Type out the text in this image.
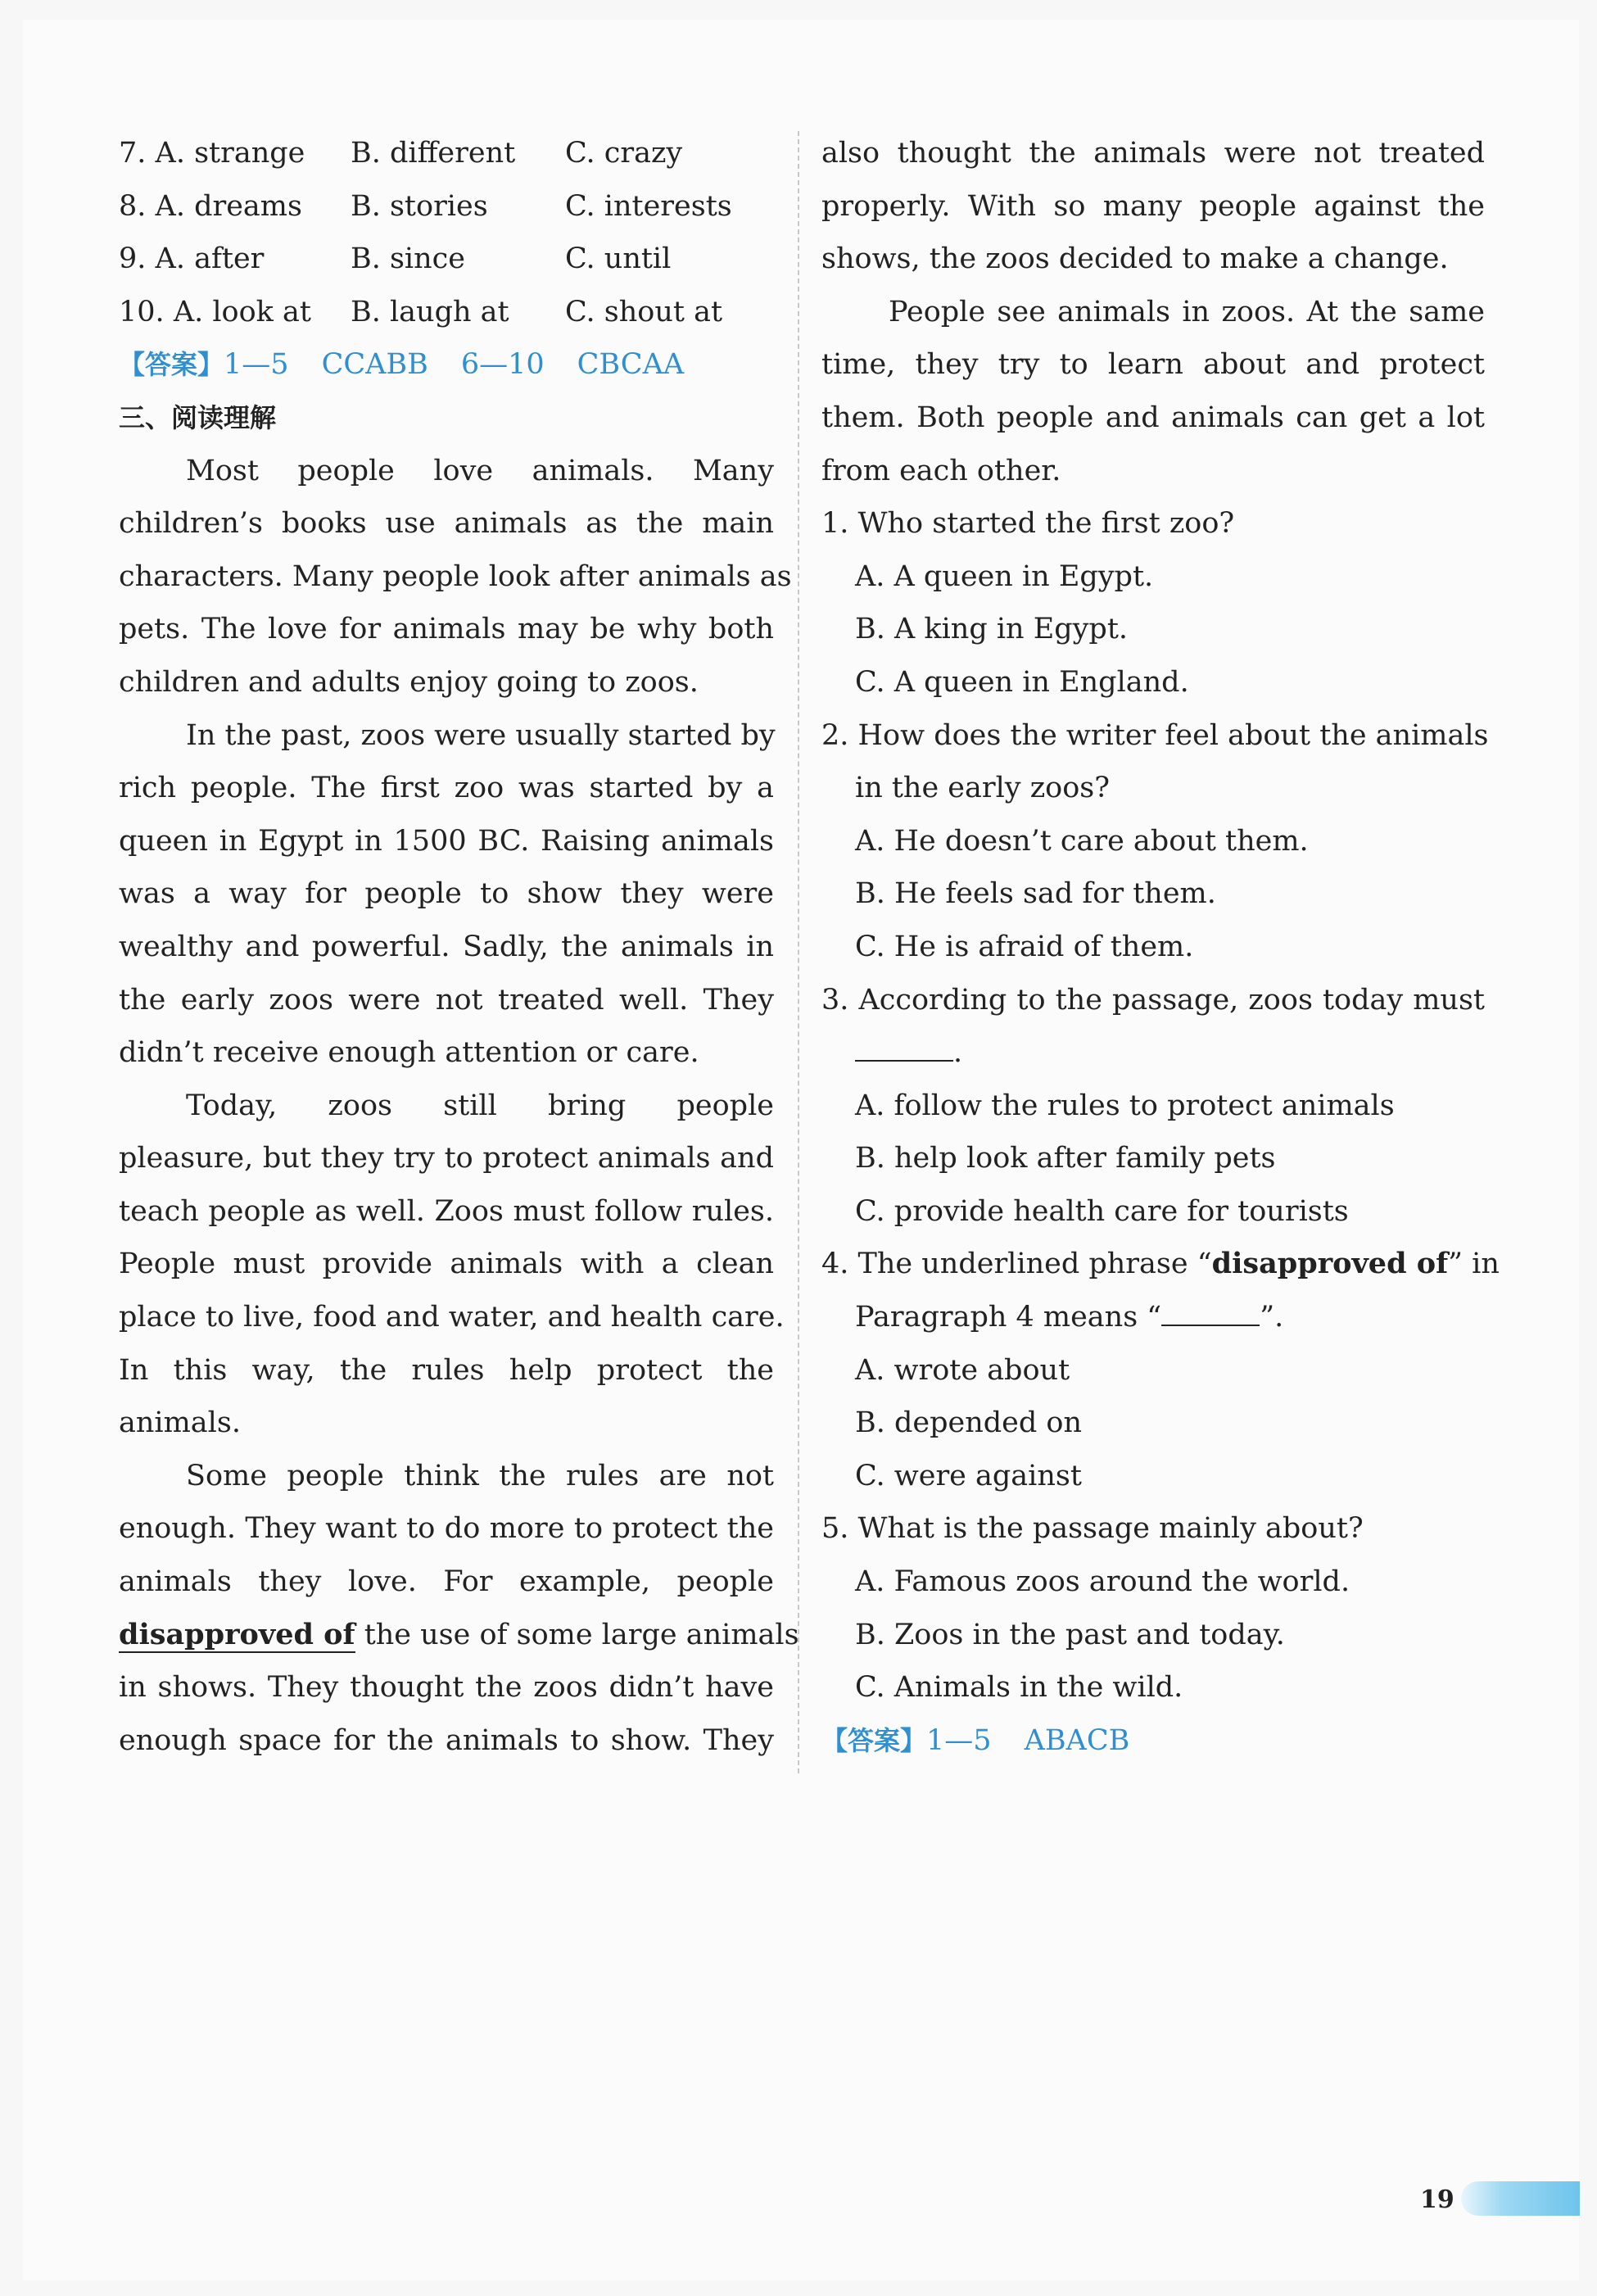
7. A. strange	B. different	C. crazy
8. A. dreams	B. stories	C. interests
9. A. after	B. since	C. until
10. A. look at	B. laugh at	C. shout at
【答案】1—5 CCABB 6—10 CBCAA
三、阅读理解
Most people love animals. Many
children’s books use animals as the main
characters. Many people look after animals as
pets. The love for animals may be why both
children and adults enjoy going to zoos.
In the past, zoos were usually started by
rich people. The first zoo was started by a
queen in Egypt in 1500 BC. Raising animals
was a way for people to show they were
wealthy and powerful. Sadly, the animals in
the early zoos were not treated well. They
didn’t receive enough attention or care.
Today, zoos still bring people
pleasure, but they try to protect animals and
teach people as well. Zoos must follow rules.
People must provide animals with a clean
place to live, food and water, and health care.
In this way, the rules help protect the
animals.
Some people think the rules are not
enough. They want to do more to protect the
animals they love. For example, people
disapproved of the use of some large animals
in shows. They thought the zoos didn’t have
enough space for the animals to show. They
also thought the animals were not treated
properly. With so many people against the
shows, the zoos decided to make a change.
People see animals in zoos. At the same
time, they try to learn about and protect
them. Both people and animals can get a lot
from each other.
1. Who started the first zoo?
A. A queen in Egypt.
B. A king in Egypt.
C. A queen in England.
2. How does the writer feel about the animals
in the early zoos?
A. He doesn’t care about them.
B. He feels sad for them.
C. He is afraid of them.
3. According to the passage, zoos today must
.
A. follow the rules to protect animals
B. help look after family pets
C. provide health care for tourists
4. The underlined phrase “disapproved of” in
Paragraph 4 means “	”.
A. wrote about
B. depended on
C. were against
5. What is the passage mainly about?
A. Famous zoos around the world.
B. Zoos in the past and today.
C. Animals in the wild.
【答案】1—5 ABACB
19
